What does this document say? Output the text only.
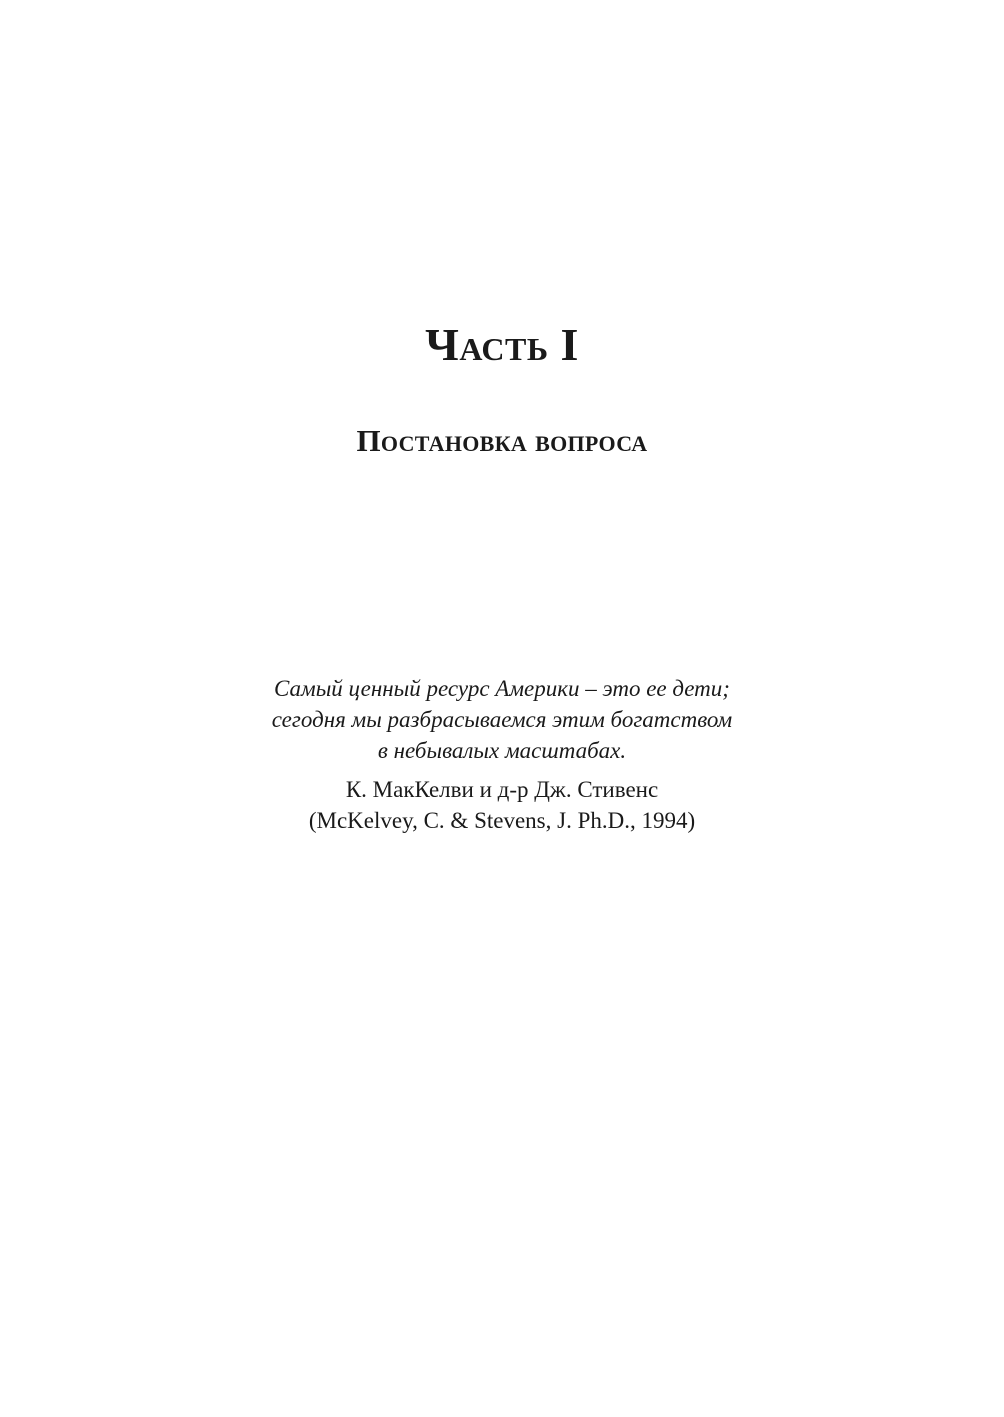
Часть I
Постановка вопроса
Самый ценный ресурс Америки – это ее дети;
сегодня мы разбрасываемся этим богатством
в небывалых масштабах.
К. МакКелви и д-р Дж. Стивенс
(McKelvey, C. & Stevens, J. Ph.D., 1994)
